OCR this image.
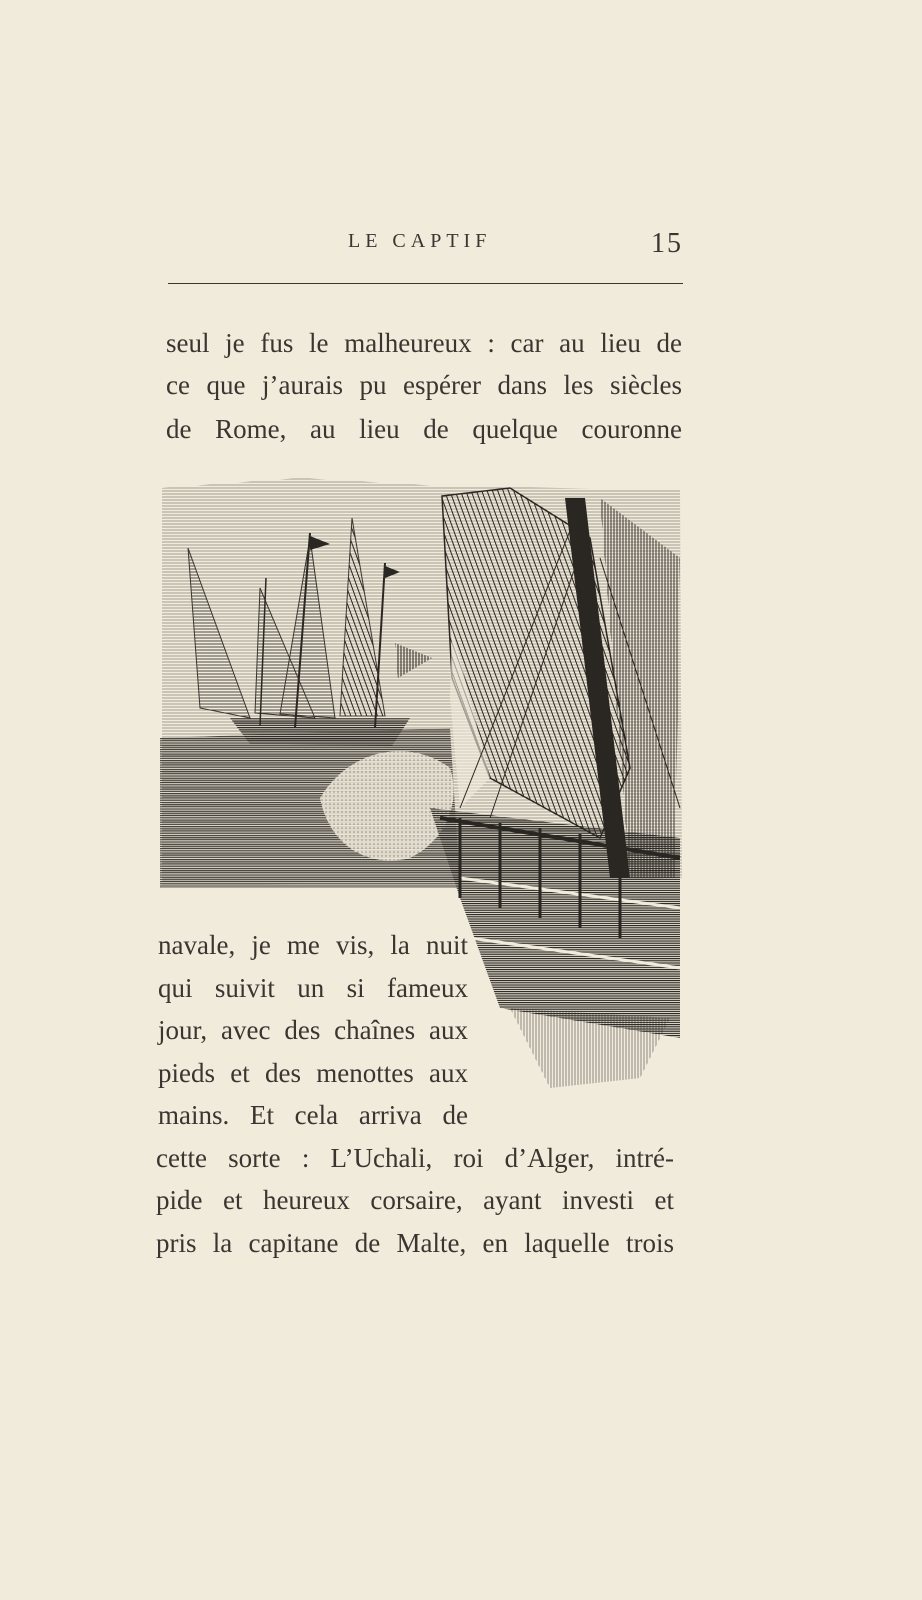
LE CAPTIF	15
seul je fus le malheureux : car au lieu de
ce que j’aurais pu espérer dans les siècles
de Rome, au lieu de quelque couronne
navale, je me vis, la nuit
qui suivit un si fameux
jour, avec des chaînes aux
pieds et des menottes aux
mains. Et cela arriva de
cette sorte : L’Uchali, roi d’Alger, intré-
pide et heureux corsaire, ayant investi et
pris la capitane de Malte, en laquelle trois
